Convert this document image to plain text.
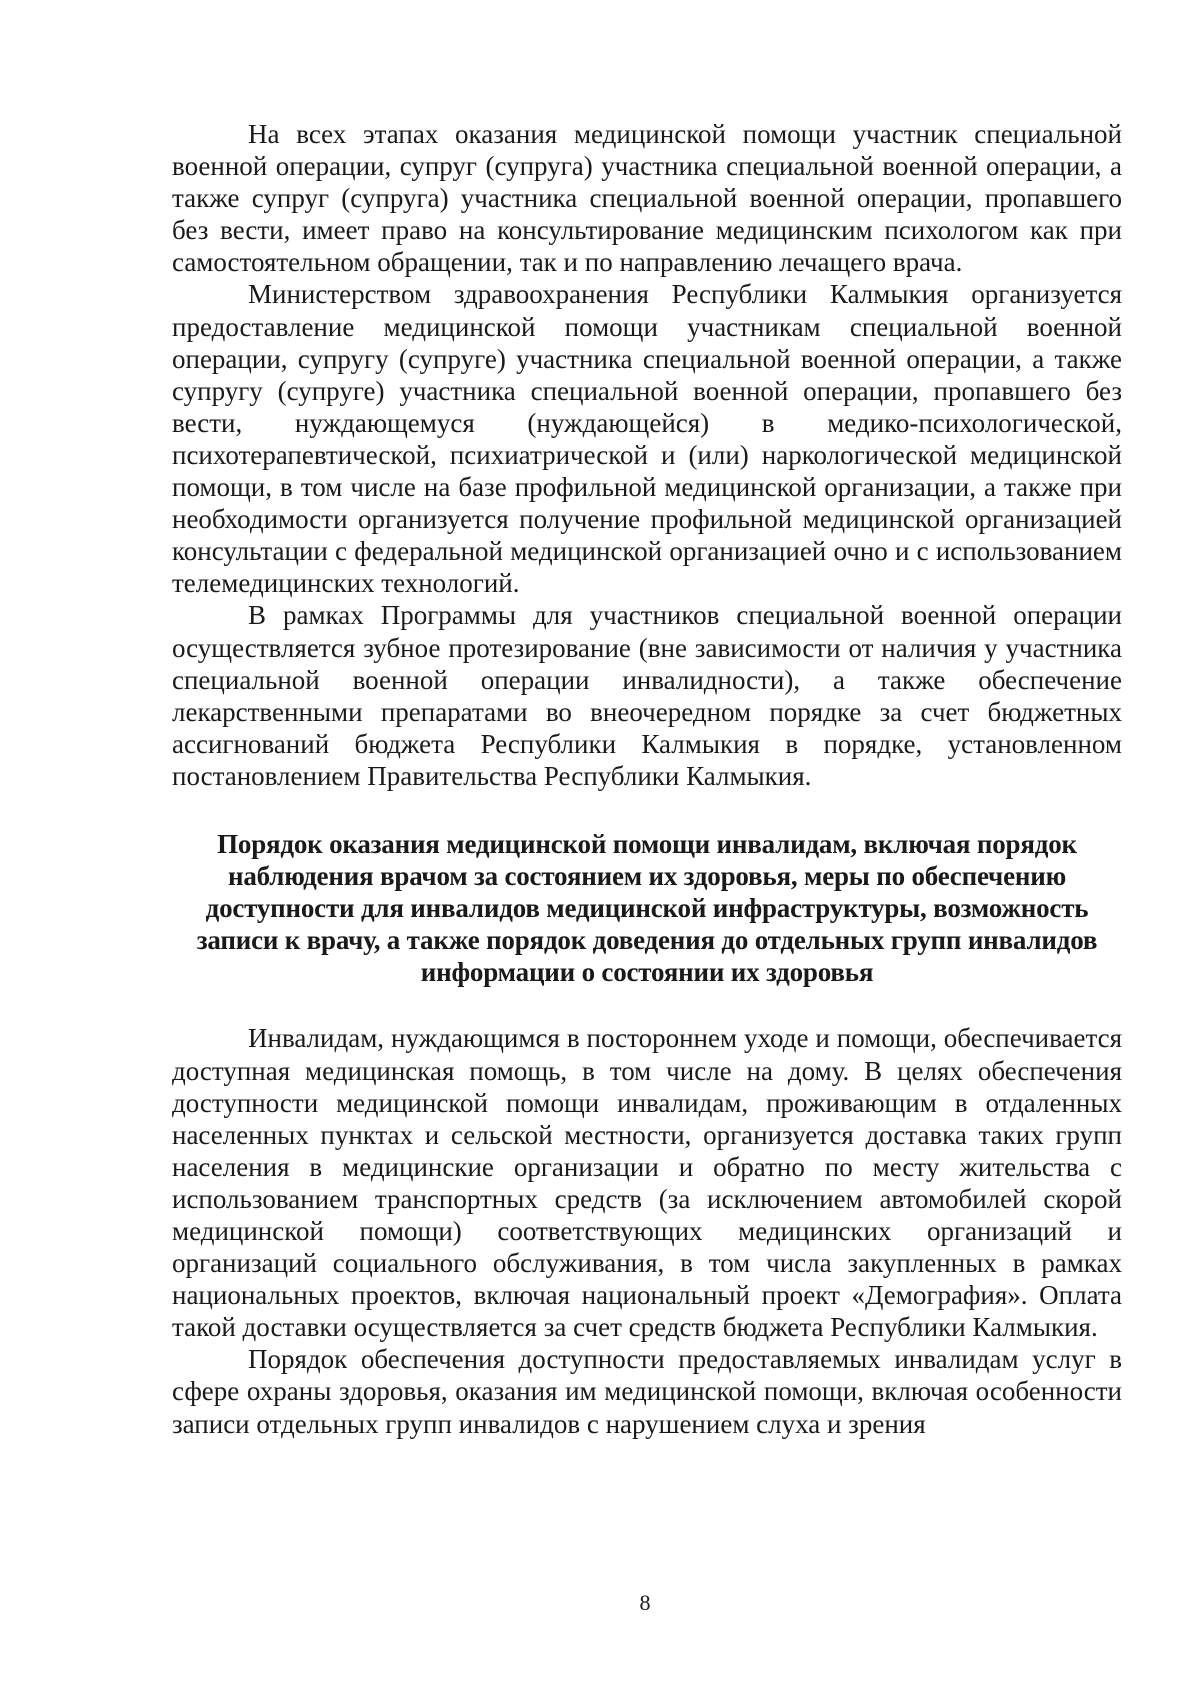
На всех этапах оказания медицинской помощи участник специальной военной операции, супруг (супруга) участника специальной военной операции, а также супруг (супруга) участника специальной военной операции, пропавшего без вести, имеет право на консультирование медицинским психологом как при самостоятельном обращении, так и по направлению лечащего врача.

Министерством здравоохранения Республики Калмыкия организуется предоставление медицинской помощи участникам специальной военной операции, супругу (супруге) участника специальной военной операции, а также супругу (супруге) участника специальной военной операции, пропавшего без вести, нуждающемуся (нуждающейся) в медико-психологической, психотерапевтической, психиатрической и (или) наркологической медицинской помощи, в том числе на базе профильной медицинской организации, а также при необходимости организуется получение профильной медицинской организацией консультации с федеральной медицинской организацией очно и с использованием телемедицинских технологий.

В рамках Программы для участников специальной военной операции осуществляется зубное протезирование (вне зависимости от наличия у участника специальной военной операции инвалидности), а также обеспечение лекарственными препаратами во внеочередном порядке за счет бюджетных ассигнований бюджета Республики Калмыкия в порядке, установленном постановлением Правительства Республики Калмыкия.

Порядок оказания медицинской помощи инвалидам, включая порядок наблюдения врачом за состоянием их здоровья, меры по обеспечению доступности для инвалидов медицинской инфраструктуры, возможность записи к врачу, а также порядок доведения до отдельных групп инвалидов информации о состоянии их здоровья

Инвалидам, нуждающимся в постороннем уходе и помощи, обеспечивается доступная медицинская помощь, в том числе на дому. В целях обеспечения доступности медицинской помощи инвалидам, проживающим в отдаленных населенных пунктах и сельской местности, организуется доставка таких групп населения в медицинские организации и обратно по месту жительства с использованием транспортных средств (за исключением автомобилей скорой медицинской помощи) соответствующих медицинских организаций и организаций социального обслуживания, в том числа закупленных в рамках национальных проектов, включая национальный проект «Демография». Оплата такой доставки осуществляется за счет средств бюджета Республики Калмыкия.

Порядок обеспечения доступности предоставляемых инвалидам услуг в сфере охраны здоровья, оказания им медицинской помощи, включая особенности записи отдельных групп инвалидов с нарушением слуха и зрения

8
